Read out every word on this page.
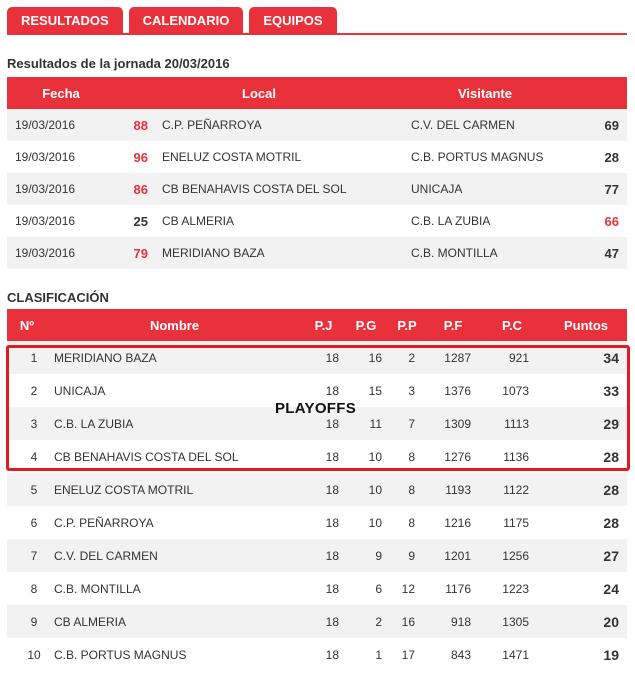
RESULTADOS	CALENDARIO	EQUIPOS
Resultados de la jornada 20/03/2016
Fecha	Local		Visitante	
19/03/2016	88	C.P. PEÑARROYA	C.V. DEL CARMEN	69
19/03/2016	96	ENELUZ COSTA MOTRIL	C.B. PORTUS MAGNUS	28
19/03/2016	86	CB BENAHAVIS COSTA DEL SOL	UNICAJA	77
19/03/2016	25	CB ALMERIA	C.B. LA ZUBIA	66
19/03/2016	79	MERIDIANO BAZA	C.B. MONTILLA	47
CLASIFICACIÓN
Nº	Nombre	P.J	P.G	P.P	P.F	P.C	Puntos
1	MERIDIANO BAZA	18	16	2	1287	921	34
2	UNICAJA	18	15	3	1376	1073	33
3	C.B. LA ZUBIA	18	11	7	1309	1113	29
4	CB BENAHAVIS COSTA DEL SOL	18	10	8	1276	1136	28
5	ENELUZ COSTA MOTRIL	18	10	8	1193	1122	28
6	C.P. PEÑARROYA	18	10	8	1216	1175	28
7	C.V. DEL CARMEN	18	9	9	1201	1256	27
8	C.B. MONTILLA	18	6	12	1176	1223	24
9	CB ALMERIA	18	2	16	918	1305	20
10	C.B. PORTUS MAGNUS	18	1	17	843	1471	19
PLAYOFFS
